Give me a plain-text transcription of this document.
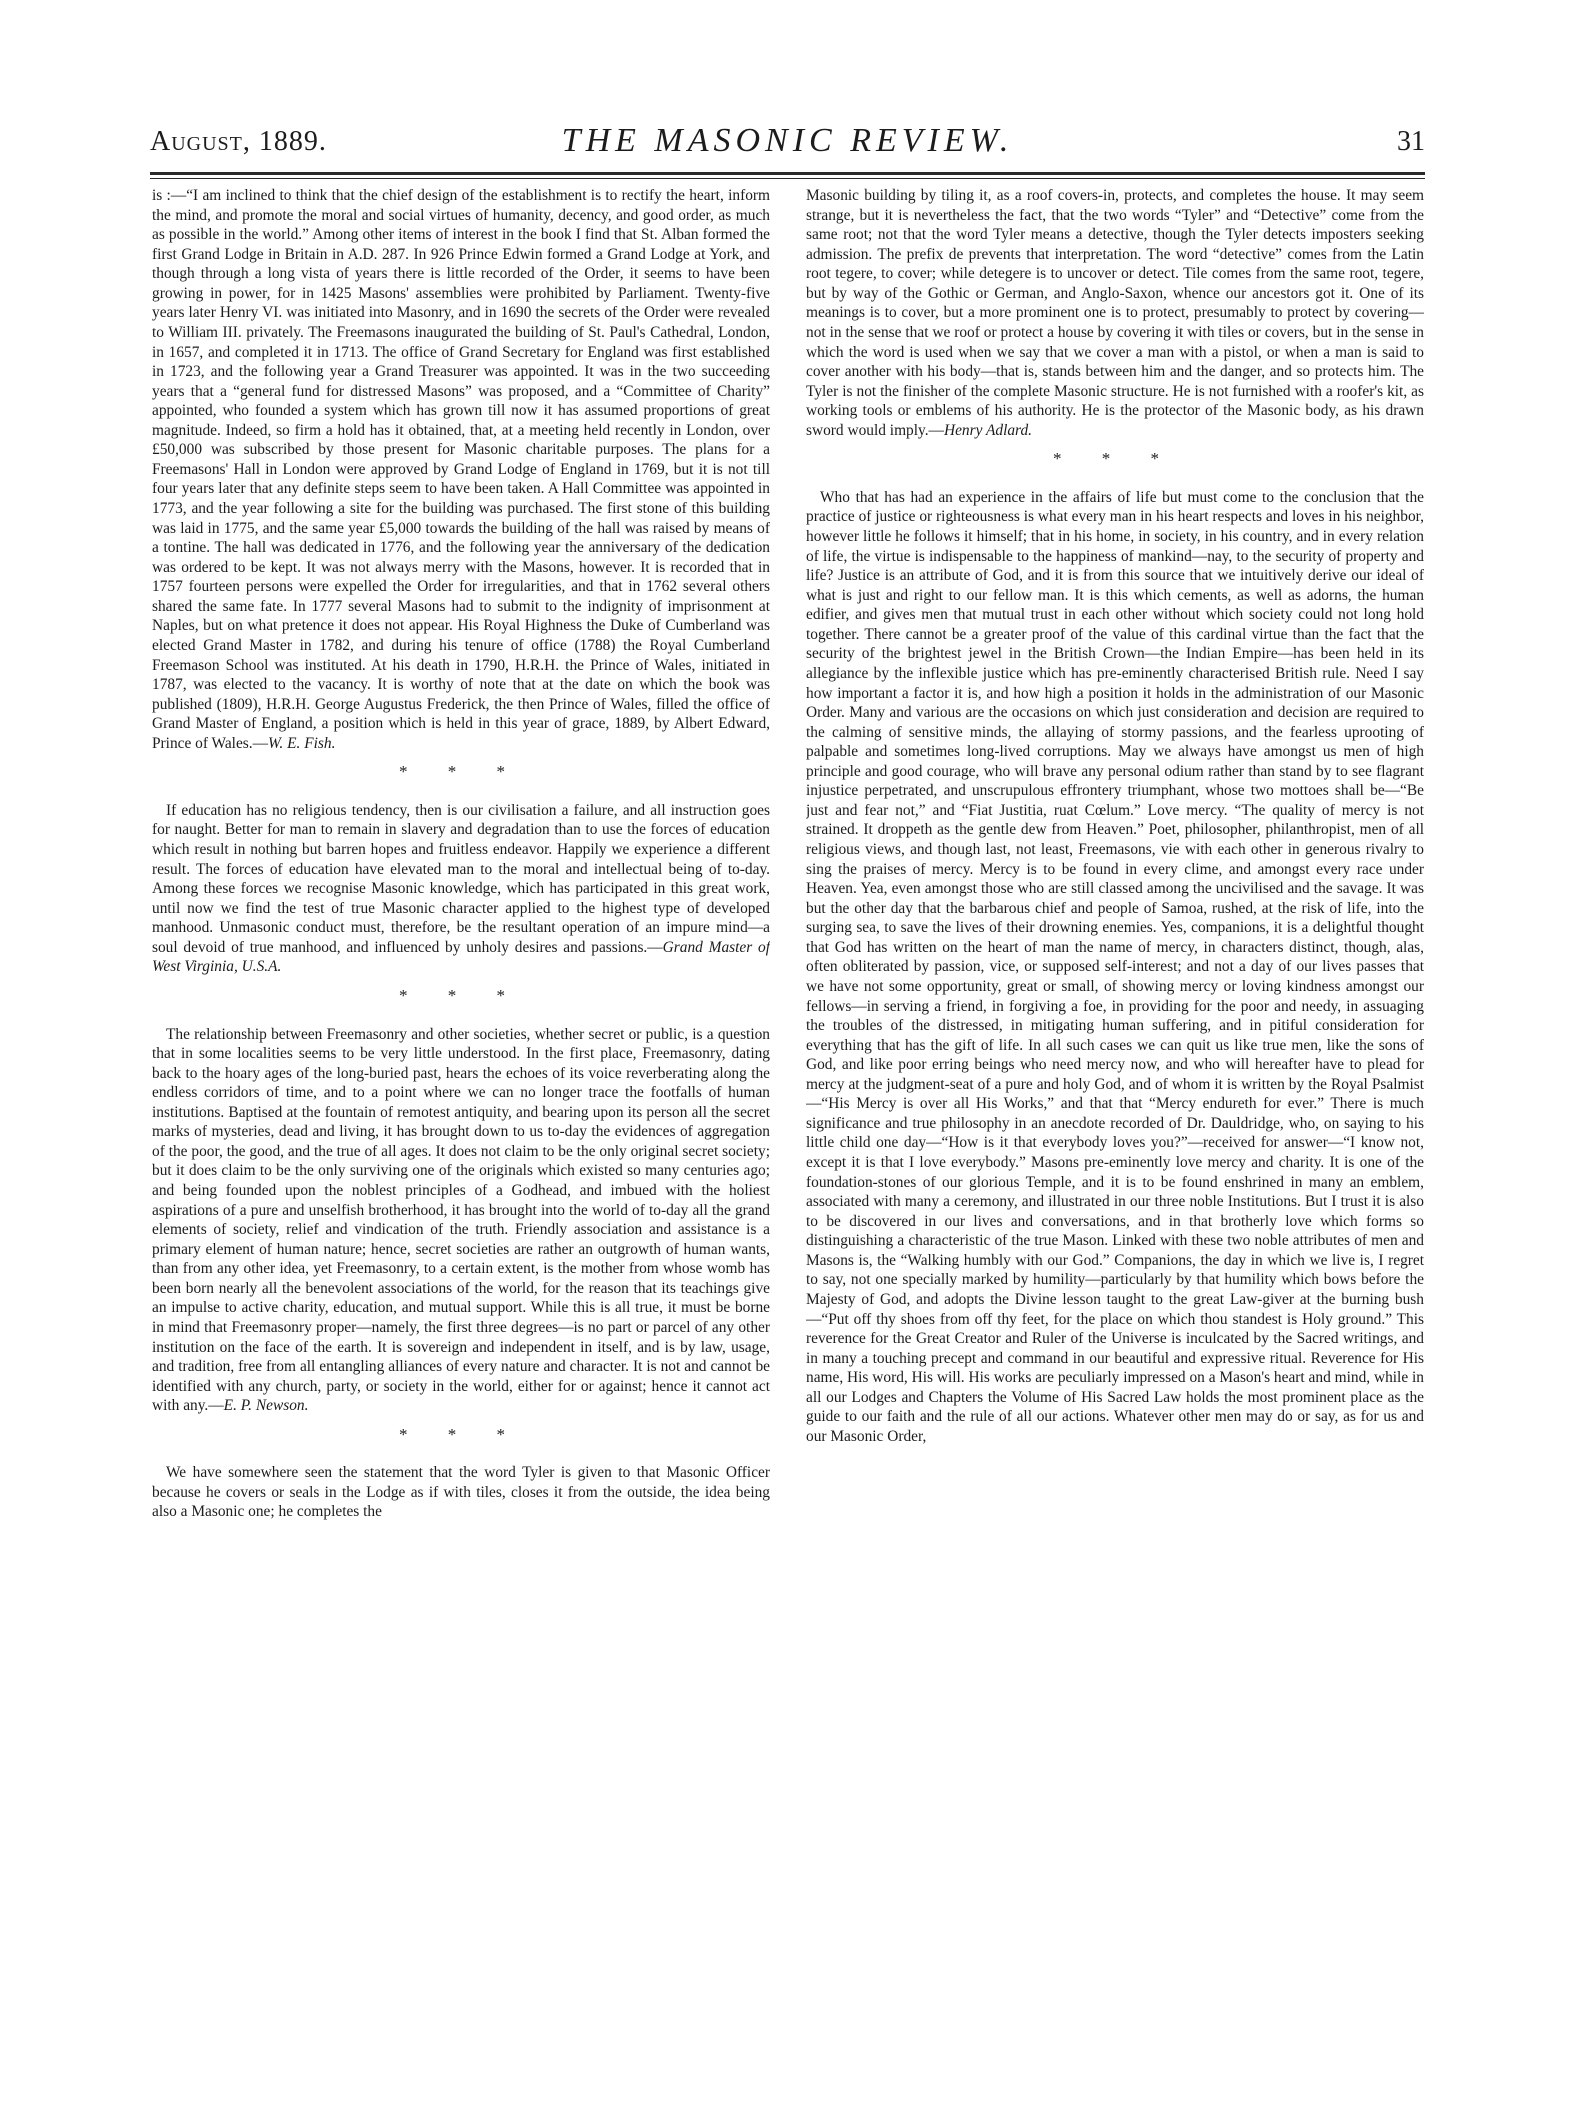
August, 1889.	THE MASONIC REVIEW.	31

is :—“I am inclined to think that the chief design of the establishment is to rectify the heart, inform the mind, and promote the moral and social virtues of humanity, decency, and good order, as much as possible in the world.” Among other items of interest in the book I find that St. Alban formed the first Grand Lodge in Britain in A.D. 287. In 926 Prince Edwin formed a Grand Lodge at York, and though through a long vista of years there is little recorded of the Order, it seems to have been growing in power, for in 1425 Masons' assemblies were prohibited by Parliament. Twenty-five years later Henry VI. was initiated into Masonry, and in 1690 the secrets of the Order were revealed to William III. privately. The Freemasons inaugurated the building of St. Paul's Cathedral, London, in 1657, and completed it in 1713. The office of Grand Secretary for England was first established in 1723, and the following year a Grand Treasurer was appointed. It was in the two succeeding years that a “general fund for distressed Masons” was proposed, and a “Committee of Charity” appointed, who founded a system which has grown till now it has assumed proportions of great magnitude. Indeed, so firm a hold has it obtained, that, at a meeting held recently in London, over £50,000 was subscribed by those present for Masonic charitable purposes. The plans for a Freemasons' Hall in London were approved by Grand Lodge of England in 1769, but it is not till four years later that any definite steps seem to have been taken. A Hall Committee was appointed in 1773, and the year following a site for the building was purchased. The first stone of this building was laid in 1775, and the same year £5,000 towards the building of the hall was raised by means of a tontine. The hall was dedicated in 1776, and the following year the anniversary of the dedication was ordered to be kept. It was not always merry with the Masons, however. It is recorded that in 1757 fourteen persons were expelled the Order for irregularities, and that in 1762 several others shared the same fate. In 1777 several Masons had to submit to the indignity of imprisonment at Naples, but on what pretence it does not appear. His Royal Highness the Duke of Cumberland was elected Grand Master in 1782, and during his tenure of office (1788) the Royal Cumberland Freemason School was instituted. At his death in 1790, H.R.H. the Prince of Wales, initiated in 1787, was elected to the vacancy. It is worthy of note that at the date on which the book was published (1809), H.R.H. George Augustus Frederick, the then Prince of Wales, filled the office of Grand Master of England, a position which is held in this year of grace, 1889, by Albert Edward, Prince of Wales.—W. E. Fish.

* * *

If education has no religious tendency, then is our civilisation a failure, and all instruction goes for naught. Better for man to remain in slavery and degradation than to use the forces of education which result in nothing but barren hopes and fruitless endeavor. Happily we experience a different result. The forces of education have elevated man to the moral and intellectual being of to-day. Among these forces we recognise Masonic knowledge, which has participated in this great work, until now we find the test of true Masonic character applied to the highest type of developed manhood. Unmasonic conduct must, therefore, be the resultant operation of an impure mind—a soul devoid of true manhood, and influenced by unholy desires and passions.—Grand Master of West Virginia, U.S.A.

* * *

The relationship between Freemasonry and other societies, whether secret or public, is a question that in some localities seems to be very little understood. In the first place, Freemasonry, dating back to the hoary ages of the long-buried past, hears the echoes of its voice reverberating along the endless corridors of time, and to a point where we can no longer trace the footfalls of human institutions. Baptised at the fountain of remotest antiquity, and bearing upon its person all the secret marks of mysteries, dead and living, it has brought down to us to-day the evidences of aggregation of the poor, the good, and the true of all ages. It does not claim to be the only original secret society; but it does claim to be the only surviving one of the originals which existed so many centuries ago; and being founded upon the noblest principles of a Godhead, and imbued with the holiest aspirations of a pure and unselfish brotherhood, it has brought into the world of to-day all the grand elements of society, relief and vindication of the truth. Friendly association and assistance is a primary element of human nature; hence, secret societies are rather an outgrowth of human wants, than from any other idea, yet Freemasonry, to a certain extent, is the mother from whose womb has been born nearly all the benevolent associations of the world, for the reason that its teachings give an impulse to active charity, education, and mutual support. While this is all true, it must be borne in mind that Freemasonry proper—namely, the first three degrees—is no part or parcel of any other institution on the face of the earth. It is sovereign and independent in itself, and is by law, usage, and tradition, free from all entangling alliances of every nature and character. It is not and cannot be identified with any church, party, or society in the world, either for or against; hence it cannot act with any.—E. P. Newson.

* * *

We have somewhere seen the statement that the word Tyler is given to that Masonic Officer because he covers or seals in the Lodge as if with tiles, closes it from the outside, the idea being also a Masonic one; he completes the

Masonic building by tiling it, as a roof covers-in, protects, and completes the house. It may seem strange, but it is nevertheless the fact, that the two words “Tyler” and “Detective” come from the same root; not that the word Tyler means a detective, though the Tyler detects imposters seeking admission. The prefix de prevents that interpretation. The word “detective” comes from the Latin root tegere, to cover; while detegere is to uncover or detect. Tile comes from the same root, tegere, but by way of the Gothic or German, and Anglo-Saxon, whence our ancestors got it. One of its meanings is to cover, but a more prominent one is to protect, presumably to protect by covering—not in the sense that we roof or protect a house by covering it with tiles or covers, but in the sense in which the word is used when we say that we cover a man with a pistol, or when a man is said to cover another with his body—that is, stands between him and the danger, and so protects him. The Tyler is not the finisher of the complete Masonic structure. He is not furnished with a roofer's kit, as working tools or emblems of his authority. He is the protector of the Masonic body, as his drawn sword would imply.—Henry Adlard.

* * *

Who that has had an experience in the affairs of life but must come to the conclusion that the practice of justice or righteousness is what every man in his heart respects and loves in his neighbor, however little he follows it himself; that in his home, in society, in his country, and in every relation of life, the virtue is indispensable to the happiness of mankind—nay, to the security of property and life? Justice is an attribute of God, and it is from this source that we intuitively derive our ideal of what is just and right to our fellow man. It is this which cements, as well as adorns, the human edifier, and gives men that mutual trust in each other without which society could not long hold together. There cannot be a greater proof of the value of this cardinal virtue than the fact that the security of the brightest jewel in the British Crown—the Indian Empire—has been held in its allegiance by the inflexible justice which has pre-eminently characterised British rule. Need I say how important a factor it is, and how high a position it holds in the administration of our Masonic Order. Many and various are the occasions on which just consideration and decision are required to the calming of sensitive minds, the allaying of stormy passions, and the fearless uprooting of palpable and sometimes long-lived corruptions. May we always have amongst us men of high principle and good courage, who will brave any personal odium rather than stand by to see flagrant injustice perpetrated, and unscrupulous effrontery triumphant, whose two mottoes shall be—“Be just and fear not,” and “Fiat Justitia, ruat Cœlum.” Love mercy. “The quality of mercy is not strained. It droppeth as the gentle dew from Heaven.” Poet, philosopher, philanthropist, men of all religious views, and though last, not least, Freemasons, vie with each other in generous rivalry to sing the praises of mercy. Mercy is to be found in every clime, and amongst every race under Heaven. Yea, even amongst those who are still classed among the uncivilised and the savage. It was but the other day that the barbarous chief and people of Samoa, rushed, at the risk of life, into the surging sea, to save the lives of their drowning enemies. Yes, companions, it is a delightful thought that God has written on the heart of man the name of mercy, in characters distinct, though, alas, often obliterated by passion, vice, or supposed self-interest; and not a day of our lives passes that we have not some opportunity, great or small, of showing mercy or loving kindness amongst our fellows—in serving a friend, in forgiving a foe, in providing for the poor and needy, in assuaging the troubles of the distressed, in mitigating human suffering, and in pitiful consideration for everything that has the gift of life. In all such cases we can quit us like true men, like the sons of God, and like poor erring beings who need mercy now, and who will hereafter have to plead for mercy at the judgment-seat of a pure and holy God, and of whom it is written by the Royal Psalmist—“His Mercy is over all His Works,” and that that “Mercy endureth for ever.” There is much significance and true philosophy in an anecdote recorded of Dr. Dauldridge, who, on saying to his little child one day—“How is it that everybody loves you?”—received for answer—“I know not, except it is that I love everybody.” Masons pre-eminently love mercy and charity. It is one of the foundation-stones of our glorious Temple, and it is to be found enshrined in many an emblem, associated with many a ceremony, and illustrated in our three noble Institutions. But I trust it is also to be discovered in our lives and conversations, and in that brotherly love which forms so distinguishing a characteristic of the true Mason. Linked with these two noble attributes of men and Masons is, the “Walking humbly with our God.” Companions, the day in which we live is, I regret to say, not one specially marked by humility—particularly by that humility which bows before the Majesty of God, and adopts the Divine lesson taught to the great Law-giver at the burning bush—“Put off thy shoes from off thy feet, for the place on which thou standest is Holy ground.” This reverence for the Great Creator and Ruler of the Universe is inculcated by the Sacred writings, and in many a touching precept and command in our beautiful and expressive ritual. Reverence for His name, His word, His will. His works are peculiarly impressed on a Mason's heart and mind, while in all our Lodges and Chapters the Volume of His Sacred Law holds the most prominent place as the guide to our faith and the rule of all our actions. Whatever other men may do or say, as for us and our Masonic Order,
